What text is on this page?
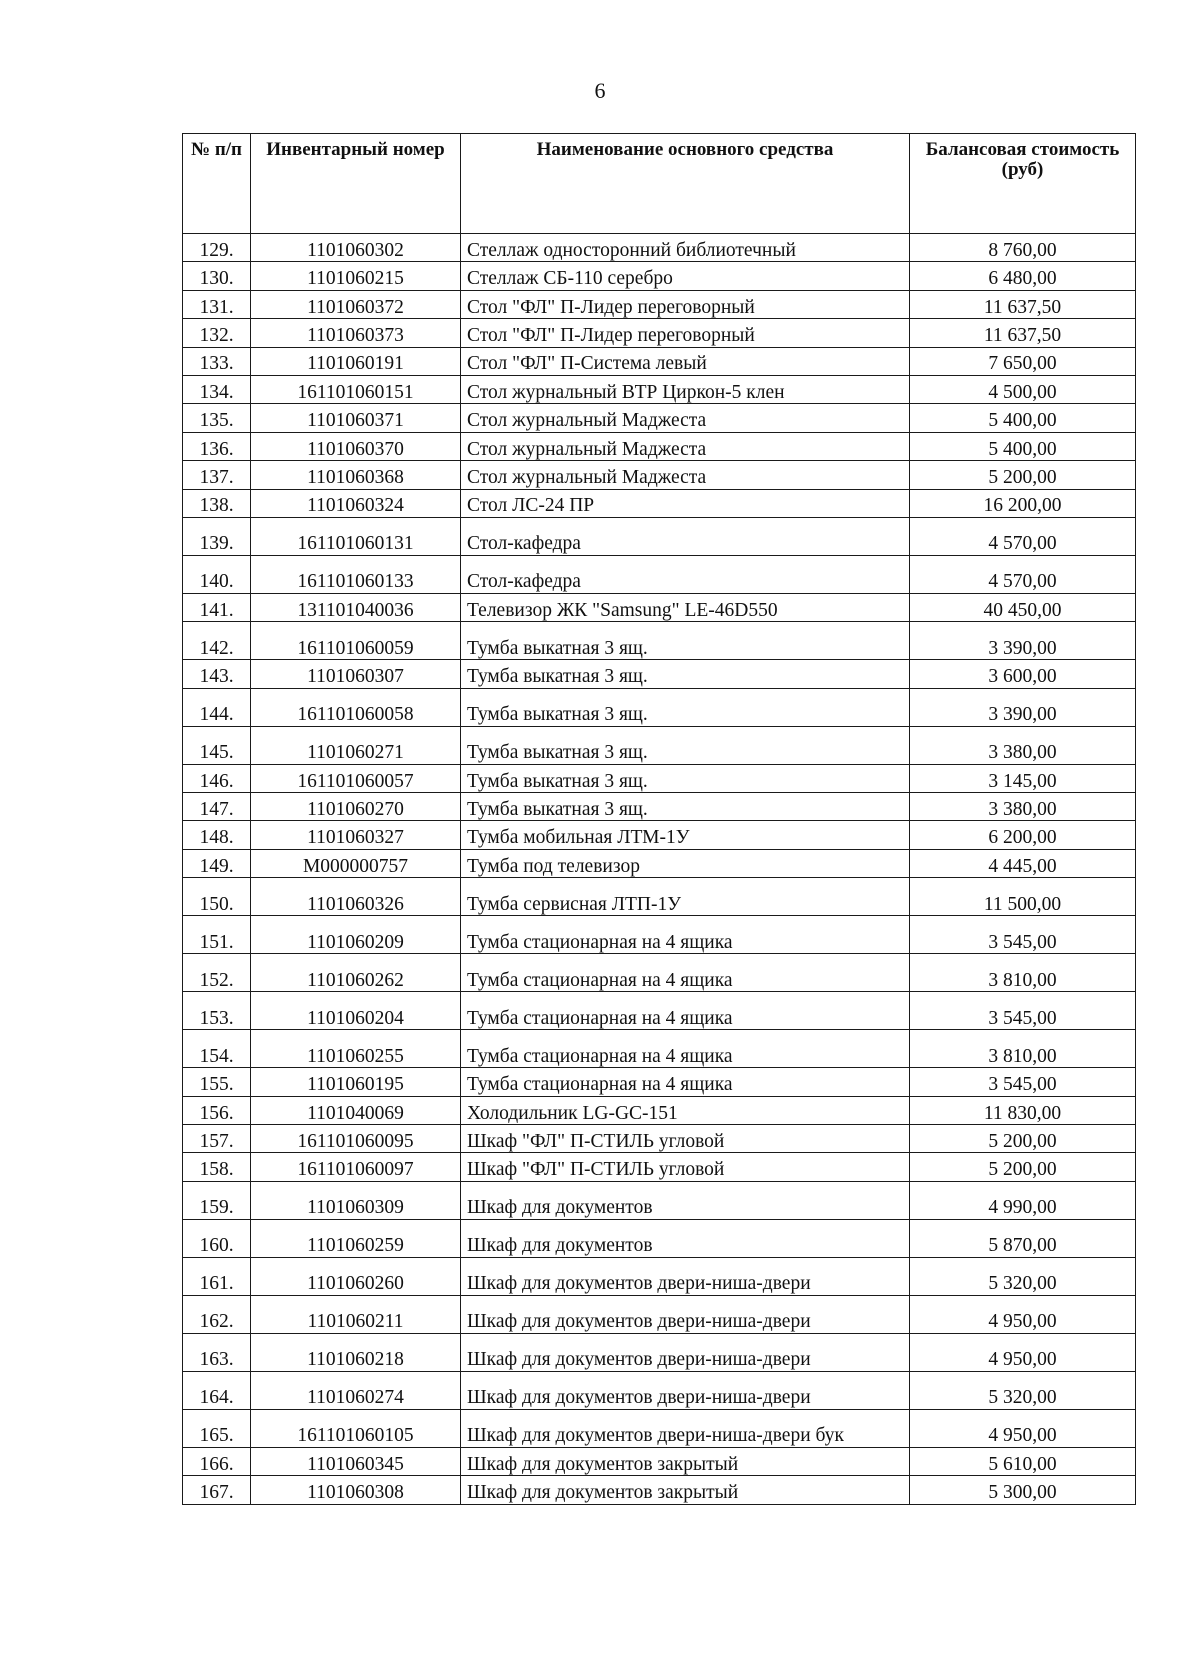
6
№ п/п	Инвентарный номер	Наименование основного средства	Балансовая стоимость (руб)
129.	1101060302	Стеллаж односторонний библиотечный	8 760,00
130.	1101060215	Стеллаж СБ-110 серебро	6 480,00
131.	1101060372	Стол "ФЛ" П-Лидер переговорный	11 637,50
132.	1101060373	Стол "ФЛ" П-Лидер переговорный	11 637,50
133.	1101060191	Стол "ФЛ" П-Система левый	7 650,00
134.	161101060151	Стол журнальный ВТР Циркон-5 клен	4 500,00
135.	1101060371	Стол журнальный Маджеста	5 400,00
136.	1101060370	Стол журнальный Маджеста	5 400,00
137.	1101060368	Стол журнальный Маджеста	5 200,00
138.	1101060324	Стол ЛС-24 ПР	16 200,00
139.	161101060131	Стол-кафедра	4 570,00
140.	161101060133	Стол-кафедра	4 570,00
141.	131101040036	Телевизор ЖК "Samsung" LE-46D550	40 450,00
142.	161101060059	Тумба выкатная 3 ящ.	3 390,00
143.	1101060307	Тумба выкатная 3 ящ.	3 600,00
144.	161101060058	Тумба выкатная 3 ящ.	3 390,00
145.	1101060271	Тумба выкатная 3 ящ.	3 380,00
146.	161101060057	Тумба выкатная 3 ящ.	3 145,00
147.	1101060270	Тумба выкатная 3 ящ.	3 380,00
148.	1101060327	Тумба мобильная ЛТМ-1У	6 200,00
149.	M000000757	Тумба под телевизор	4 445,00
150.	1101060326	Тумба сервисная ЛТП-1У	11 500,00
151.	1101060209	Тумба стационарная на 4 ящика	3 545,00
152.	1101060262	Тумба стационарная на 4 ящика	3 810,00
153.	1101060204	Тумба стационарная на 4 ящика	3 545,00
154.	1101060255	Тумба стационарная на 4 ящика	3 810,00
155.	1101060195	Тумба стационарная на 4 ящика	3 545,00
156.	1101040069	Холодильник LG-GC-151	11 830,00
157.	161101060095	Шкаф "ФЛ" П-СТИЛЬ угловой	5 200,00
158.	161101060097	Шкаф "ФЛ" П-СТИЛЬ угловой	5 200,00
159.	1101060309	Шкаф для документов	4 990,00
160.	1101060259	Шкаф для документов	5 870,00
161.	1101060260	Шкаф для документов двери-ниша-двери	5 320,00
162.	1101060211	Шкаф для документов двери-ниша-двери	4 950,00
163.	1101060218	Шкаф для документов двери-ниша-двери	4 950,00
164.	1101060274	Шкаф для документов двери-ниша-двери	5 320,00
165.	161101060105	Шкаф для документов двери-ниша-двери бук	4 950,00
166.	1101060345	Шкаф для документов закрытый	5 610,00
167.	1101060308	Шкаф для документов закрытый	5 300,00
